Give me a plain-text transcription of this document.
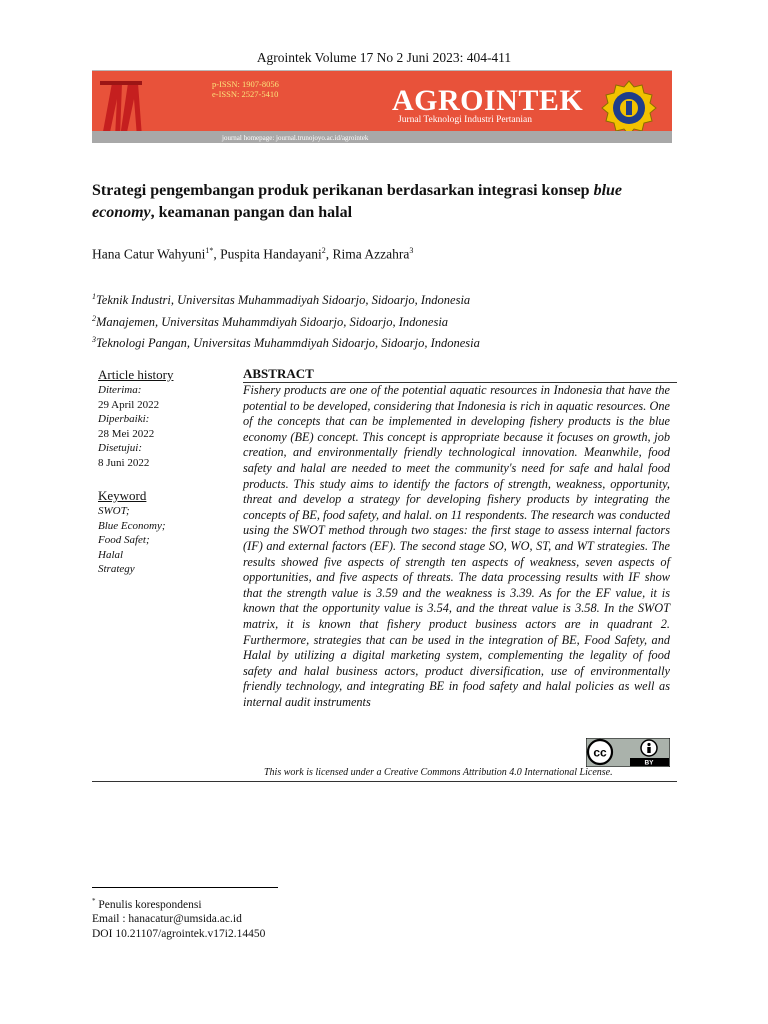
Agrointek Volume 17 No 2 Juni 2023: 404-411
p-ISSN: 1907-8056
e-ISSN: 2527-5410	AGROINTEK
Jurnal Teknologi Industri Pertanian
journal homepage: journal.trunojoyo.ac.id/agrointek
Strategi pengembangan produk perikanan berdasarkan integrasi konsep blue economy, keamanan pangan dan halal
Hana Catur Wahyuni$^{1*}$, Puspita Handayani$^2$, Rima Azzahra$^3$
$^1$Teknik Industri, Universitas Muhammadiyah Sidoarjo, Sidoarjo, Indonesia
$^2$Manajemen, Universitas Muhammdiyah Sidoarjo, Sidoarjo, Indonesia
$^3$Teknologi Pangan, Universitas Muhammdiyah Sidoarjo, Sidoarjo, Indonesia
Article history
Diterima:
29 April 2022
Diperbaiki:
28 Mei 2022
Disetujui:
8 Juni 2022
Keyword
SWOT;
Blue Economy;
Food Safet;
Halal
Strategy
ABSTRACT
Fishery products are one of the potential aquatic resources in Indonesia that have the potential to be developed, considering that Indonesia is rich in aquatic resources. One of the concepts that can be implemented in developing fishery products is the blue economy (BE) concept. This concept is appropriate because it focuses on growth, job creation, and environmentally friendly technological innovation. Meanwhile, food safety and halal are needed to meet the community's need for safe and halal food products. This study aims to identify the factors of strength, weakness, opportunity, threat and develop a strategy for developing fishery products by integrating the concepts of BE, food safety, and halal. on 11 respondents. The research was conducted using the SWOT method through two stages: the first stage to assess internal factors (IF) and external factors (EF). The second stage SO, WO, ST, and WT strategies. The results showed five aspects of strength ten aspects of weakness, seven aspects of opportunities, and five aspects of threats. The data processing results with IF show that the strength value is 3.59 and the weakness is 3.39. As for the EF value, it is known that the opportunity value is 3.54, and the threat value is 3.58. In the SWOT matrix, it is known that fishery product business actors are in quadrant 2. Furthermore, strategies that can be used in the integration of BE, Food Safety, and Halal by utilizing a digital marketing system, complementing the legality of food safety and halal business actors, product diversification, use of environmentally friendly technology, and integrating BE in food safety and halal policies as well as internal audit instruments
cc
BY
This work is licensed under a Creative Commons Attribution 4.0 International License.
* Penulis korespondensi
Email : hanacatur@umsida.ac.id
DOI 10.21107/agrointek.v17i2.14450
